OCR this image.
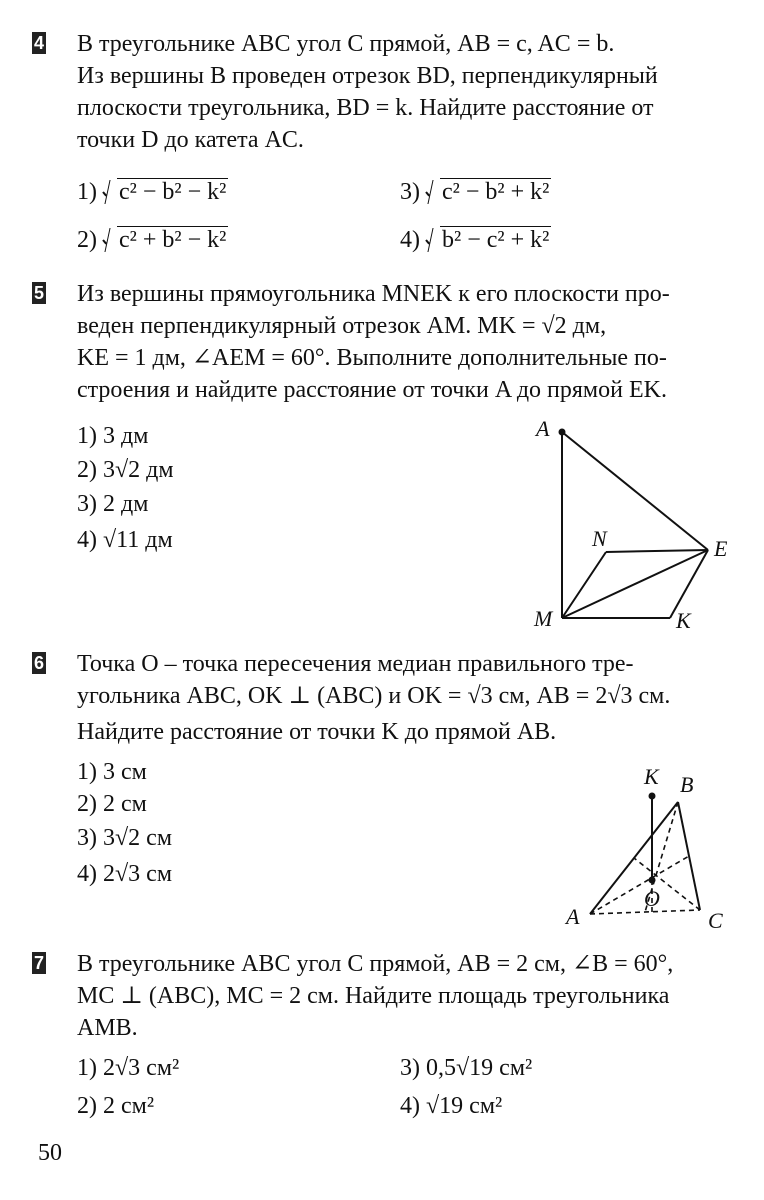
4 В треугольнике ABC угол C прямой, AB = c, AC = b.
Из вершины B проведен отрезок BD, перпендикулярный
плоскости треугольника, BD = k. Найдите расстояние от
точки D до катета AC.
1) c² − b² − k²	3) c² − b² + k²
2) c² + b² − k²	4) b² − c² + k²
5 Из вершины прямоугольника MNEK к его плоскости про-
веден перпендикулярный отрезок AM. MK = √2 дм,
KE = 1 дм, ∠AEM = 60°. Выполните дополнительные по-
строения и найдите расстояние от точки A до прямой EK.
1) 3 дм
2) 3√2 дм
3) 2 дм
4) √11 дм
A
N	E
M	K
6 Точка O – точка пересечения медиан правильного тре-
угольника ABC, OK ⊥ (ABC) и OK = √3 см, AB = 2√3 см.
Найдите расстояние от точки K до прямой AB.
1) 3 см
2) 2 см
3) 3√2 см
4) 2√3 см
K B
O
A	C
7 В треугольнике ABC угол C прямой, AB = 2 см, ∠B = 60°,
MC ⊥ (ABC), MC = 2 см. Найдите площадь треугольника
AMB.
1) 2√3 см²	3) 0,5√19 см²
2) 2 см²	4) √19 см²
50
